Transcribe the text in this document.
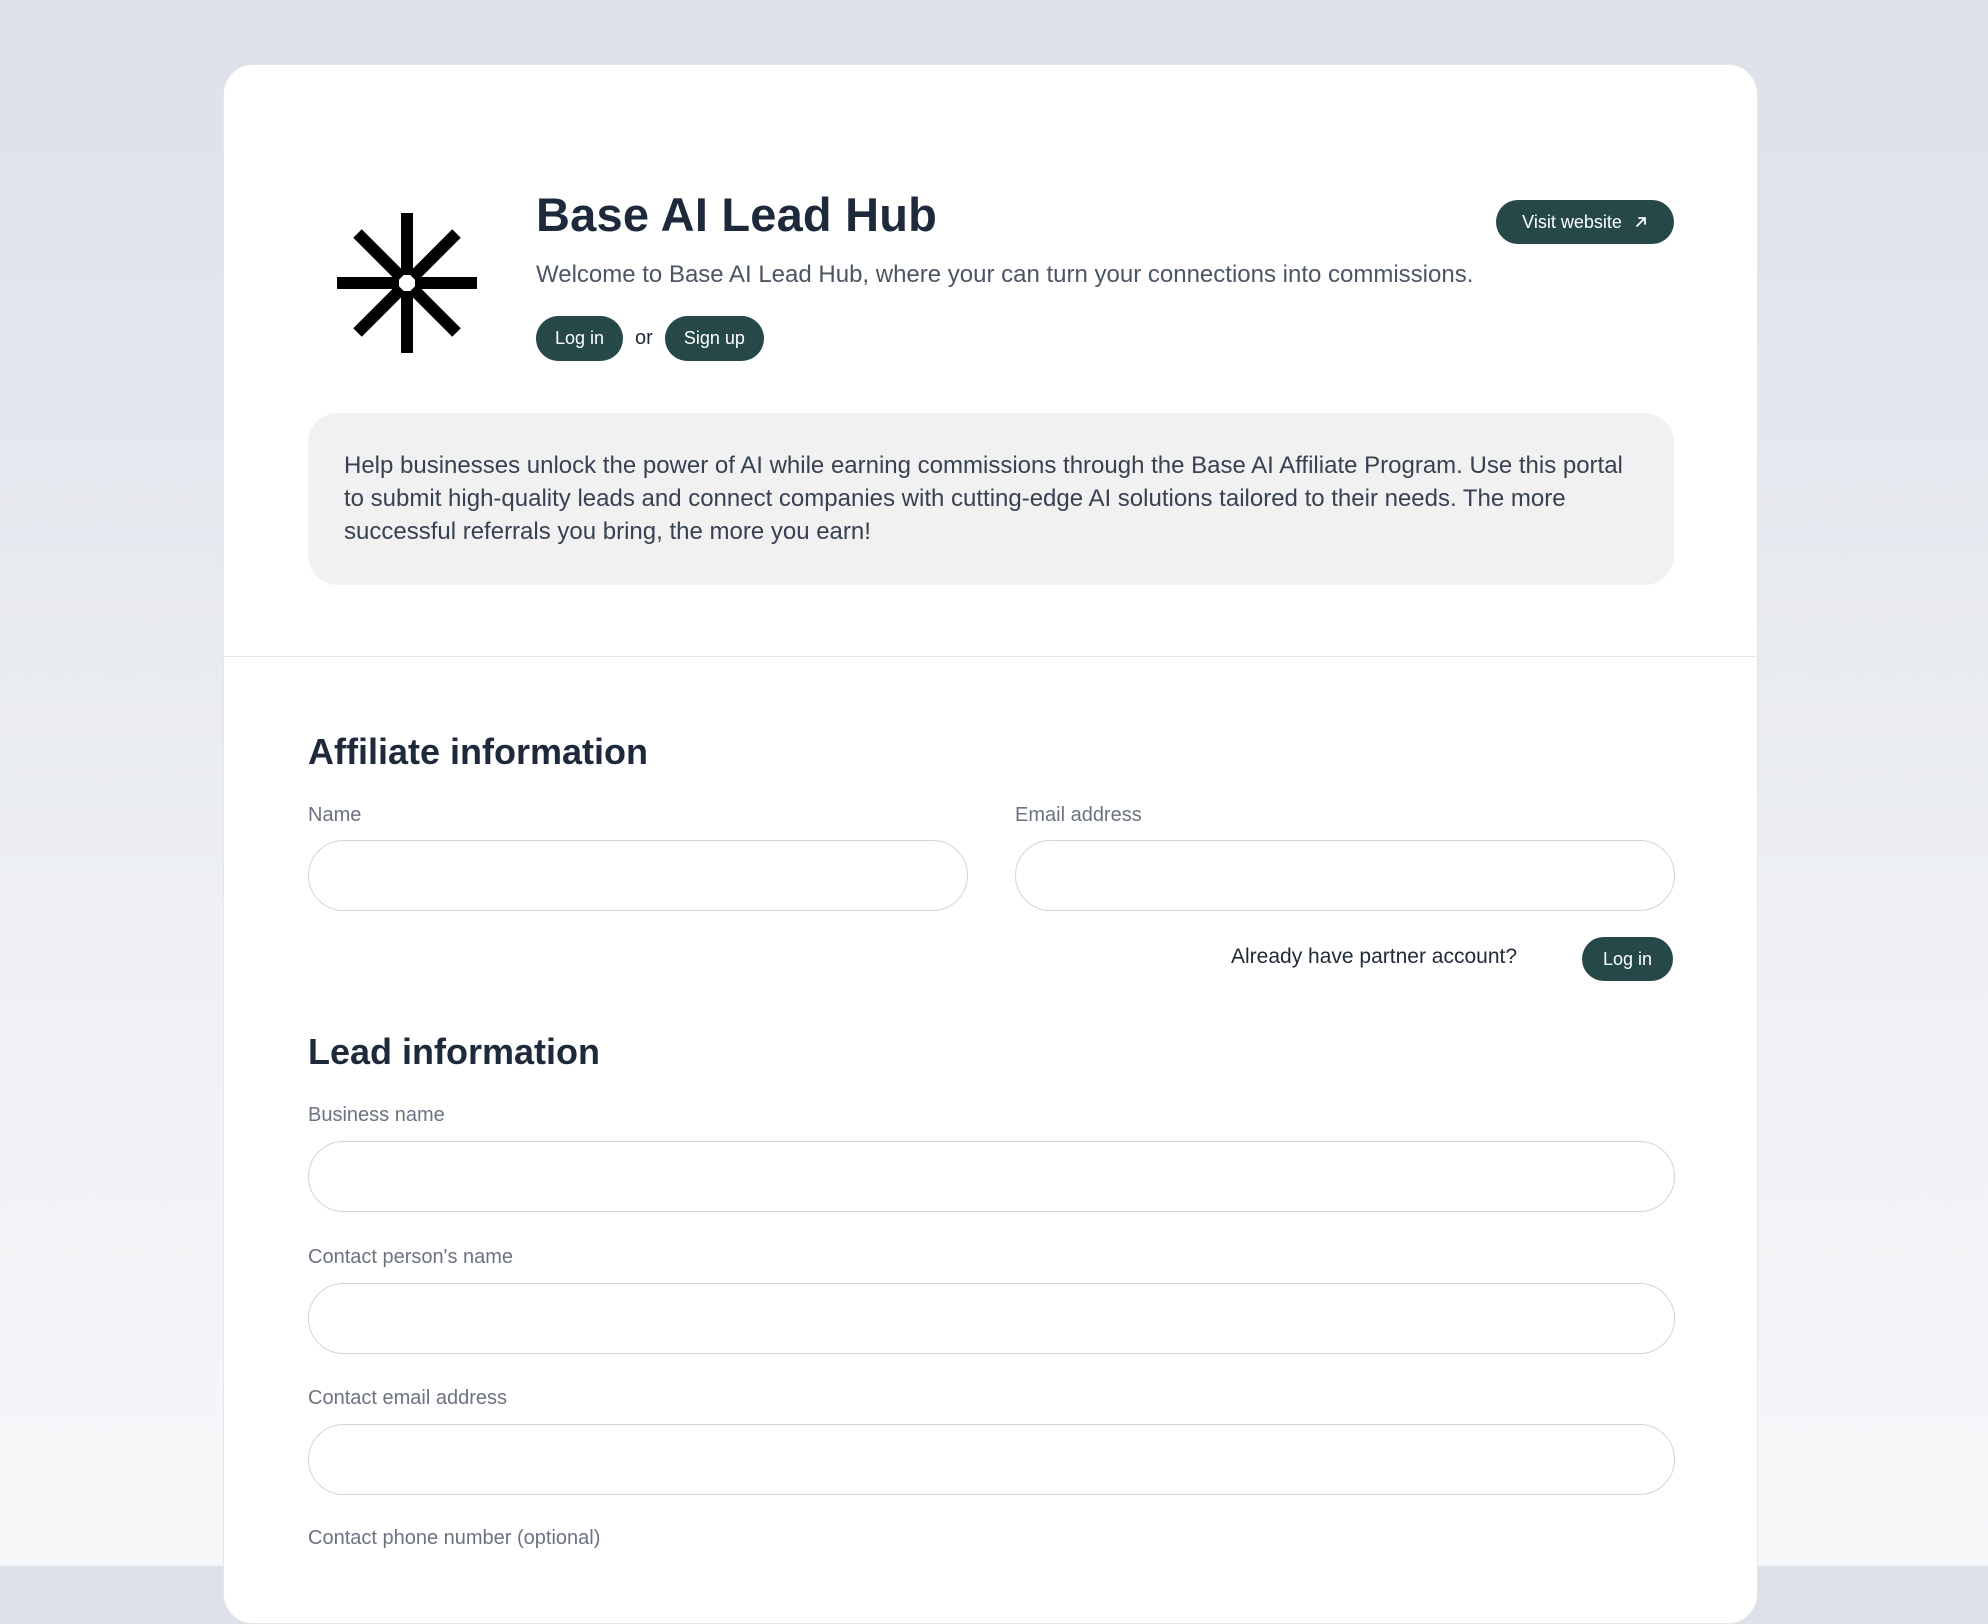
Base AI Lead Hub	Visit website

Welcome to Base AI Lead Hub, where your can turn your connections into commissions.

Log in	or	Sign up

Help businesses unlock the power of AI while earning commissions through the Base AI Affiliate Program. Use this portal to submit high-quality leads and connect companies with cutting-edge AI solutions tailored to their needs. The more successful referrals you bring, the more you earn!

Affiliate information
Name	Email address
Already have partner account?	Log in
Lead information
Business name
Contact person's name
Contact email address
Contact phone number (optional)
